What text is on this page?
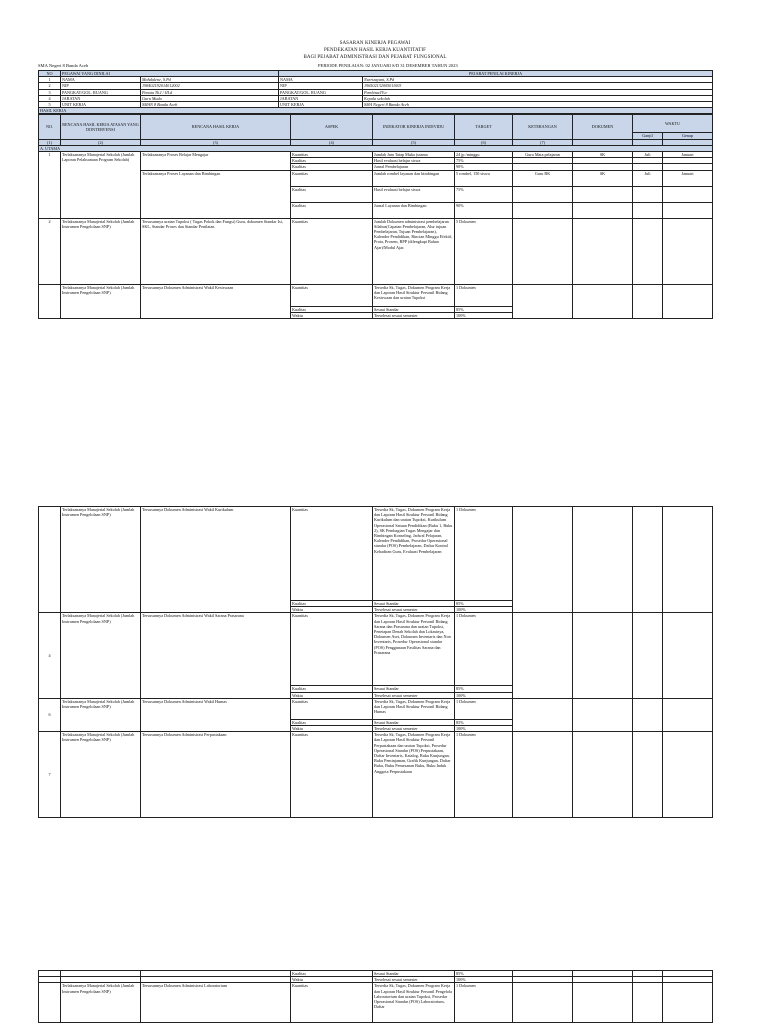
SASARAN KINERJA PEGAWAI
PENDEKATAN HASIL KERJA KUANTITATIF
BAGI PEJABAT ADMINISTRASI DAN PEJABAT FUNGSIONAL
SMA Negeri 8 Banda Aceh	PERIODE PENILAIAN: 02 JANUARI S/D 31 DESEMBER TAHUN 2023
NO	PEGAWAI YANG DINILAI		PEJABAT PENILAI KINERJA	
1	NAMA	Mahdalene, S.Pd	NAMA	Nurrizayani, S.Pd
2	NIP	198402192014012002	NIP	196502132005011003
3	PANGKAT/GOL. RUANG	Penata Tk.I / III.d	PANGKAT/GOL. RUANG	Pembina/IV.a
4	JABATAN	Guru Muda	JABATAN	Kepala sekolah
5	UNIT KERJA	SMAN 8 Banda Aceh	UNIT KERJA	SMA Negeri 8 Banda Aceh
HASIL KERJA				
NO.	RENCANA HASIL KERJA ATASAN YANG DIINTERVENSI	RENCANA HASIL KERJA	ASPEK	INDIKATOR KINERJA INDIVIDU	TARGET	KETERANGAN	DOKUMEN	WAKTU	
								Ganjil	Genap
(1)	(2)	(3)	(4)	(5)	(6)	(7)			
A. UTAMA									
1	Terlaksananya Manajerial Sekolah (Jumlah Laporan Pelaksanaan Program Sekolah)	Terlaksananya Proses Belajar Mengajar	Kuantitas	Jumlah Jam Tatap Muka (utama	24 jp /minggu	Guru Mata pelajaran	SK	Juli	Januari
			Kualitas	Hasil evaluasi belajar siswa	75%				
			Kualitas	Jurnal Pembelajaran	90%				
		Terlaksananya Proses Layanan dan Bimbingan	Kuantitas	Jumlah rombel layanan dan bimbingan	5 rombel, 150 siswa	Guru BK	SK	Juli	Januari
			Kualitas	Hasil evaluasi belajar siswa	75%				
			Kualitas	Jurnal Layanan dan Bimbingan	90%				
2	Terlaksananya Manajerial Sekolah (Jumlah Instrumen Pengelolaan SNP)	Tersusunnya uraian Tupoksi ( Tugas Pokok dan Fungsi) Guru, dokumen Standar Isi, SKL, Standar Proses dan Standar Penilaian.	Kuantitas	Jumlah Dokumen administrasi pembelajaran Silabus(Capaian Pembelajaran, Alur tujuan Pembelajaran, Tujuan Pembelajaran), Kalender Pendidikan, Rincian Minggu Efektif, Prota, Prosem, RPP (dilengkapi Bahan Ajar)/Modul Ajar.	5 Dokumen				
	Terlaksananya Manajerial Sekolah (Jumlah Instrumen Pengelolaan SNP)	Tersusunnya Dokumen Administrasi Wakil Kesiswaan	Kuantitas	Tersedia Sk, Tugas, Dokumen Program Kerja dan Laporan Hasil Struktur Personil Bidang Kesiswaan dan uraian Tupoksi	1 Dokumen				
			Kualitas	Sesuai Standar	85%				
			Waktu	Terselesai sesuai semester	100%				
	Terlaksananya Manajerial Sekolah (Jumlah Instrumen Pengelolaan SNP)	Tersusunnya Dokumen Administrasi Wakil Kurikulum	Kuantitas	Tersedia Sk, Tugas, Dokumen Program Kerja dan Laporan Hasil Struktur Personil Bidang Kurikulum dan uraian Tupoksi, Kurikulum Operasional Satuan Pendidikan (Buku 1, Buku 2), SK Pembagian Tugas Mengajar dan Bimbingan Konseling, Jadwal Pelajaran, Kalender Pendidikan, Prosedur Operasional standar (POS) Pembelajaran, Daftar Kontrol Kehadiran Guru, Evaluasi Pembelajaran	1 Dokumen				
			Kualitas	Sesuai Standar	85%				
			Waktu	Terselesai sesuai semester	100%				
4	Terlaksananya Manajerial Sekolah (Jumlah Instrumen Pengelolaan SNP)	Tersusunnya Dokumen Administrasi Wakil Sarana Prasarana	Kuantitas	Tersedia Sk, Tugas, Dokumen Program Kerja dan Laporan Hasil Struktur Personil Bidang Sarana dan Prasarana dan uraian Tupoksi, Penetapan Denah Sekolah dan Lokasinya, Dokumen Aset, Dokumen Inventaris dan Non Inventaris, Prosedur Operasional standar (POS) Penggunaan Fasilitas Sarana dan Prasarana	1 Dokumen				
			Kualitas	Sesuai Standar	85%				
			Waktu	Terselesai sesuai semester	100%				
6	Terlaksananya Manajerial Sekolah (Jumlah Instrumen Pengelolaan SNP)	Tersusunnya Dokumen Administrasi Wakil Humas	Kuantitas	Tersedia Sk, Tugas, Dokumen Program Kerja dan Laporan Hasil Struktur Personil Bidang Humas	1 Dokumen				
			Kualitas	Sesuai Standar	85%				
			Waktu	Terselesai sesuai semester	100%				
7	Terlaksananya Manajerial Sekolah (Jumlah Instrumen Pengelolaan SNP)	Tersusunnya Dokumen Administrasi Perpustakaan	Kuantitas	Tersedia Sk, Tugas, Dokumen Program Kerja dan Laporan Hasil Struktur Personil Perpustakaan dan uraian Tupoksi, Prosedur Operasional Standar (POS) Perpustakaan, Daftar Inventaris, Katalog, Buku Kunjungan, Buku Peminjaman, Grafik Kunjungan, Daftar Buku, Buku Pemesanan Buku, Buku Induk Anggota Perpustakaan	1 Dokumen				
			Kualitas	Sesuai Standar	85%				
			Waktu	Terselesai sesuai semester	100%				
	Terlaksananya Manajerial Sekolah (Jumlah Instrumen Pengelolaan SNP)	Tersusunnya Dokumen Administrasi Laboratorium	Kuantitas	Tersedia Sk, Tugas, Dokumen Program Kerja dan Laporan Hasil Struktur Personil Pengelola Laboratorium dan uraian Tupoksi, Prosedur Operasional Standar (POS) Laboratorium, Daftar	1 Dokumen				
